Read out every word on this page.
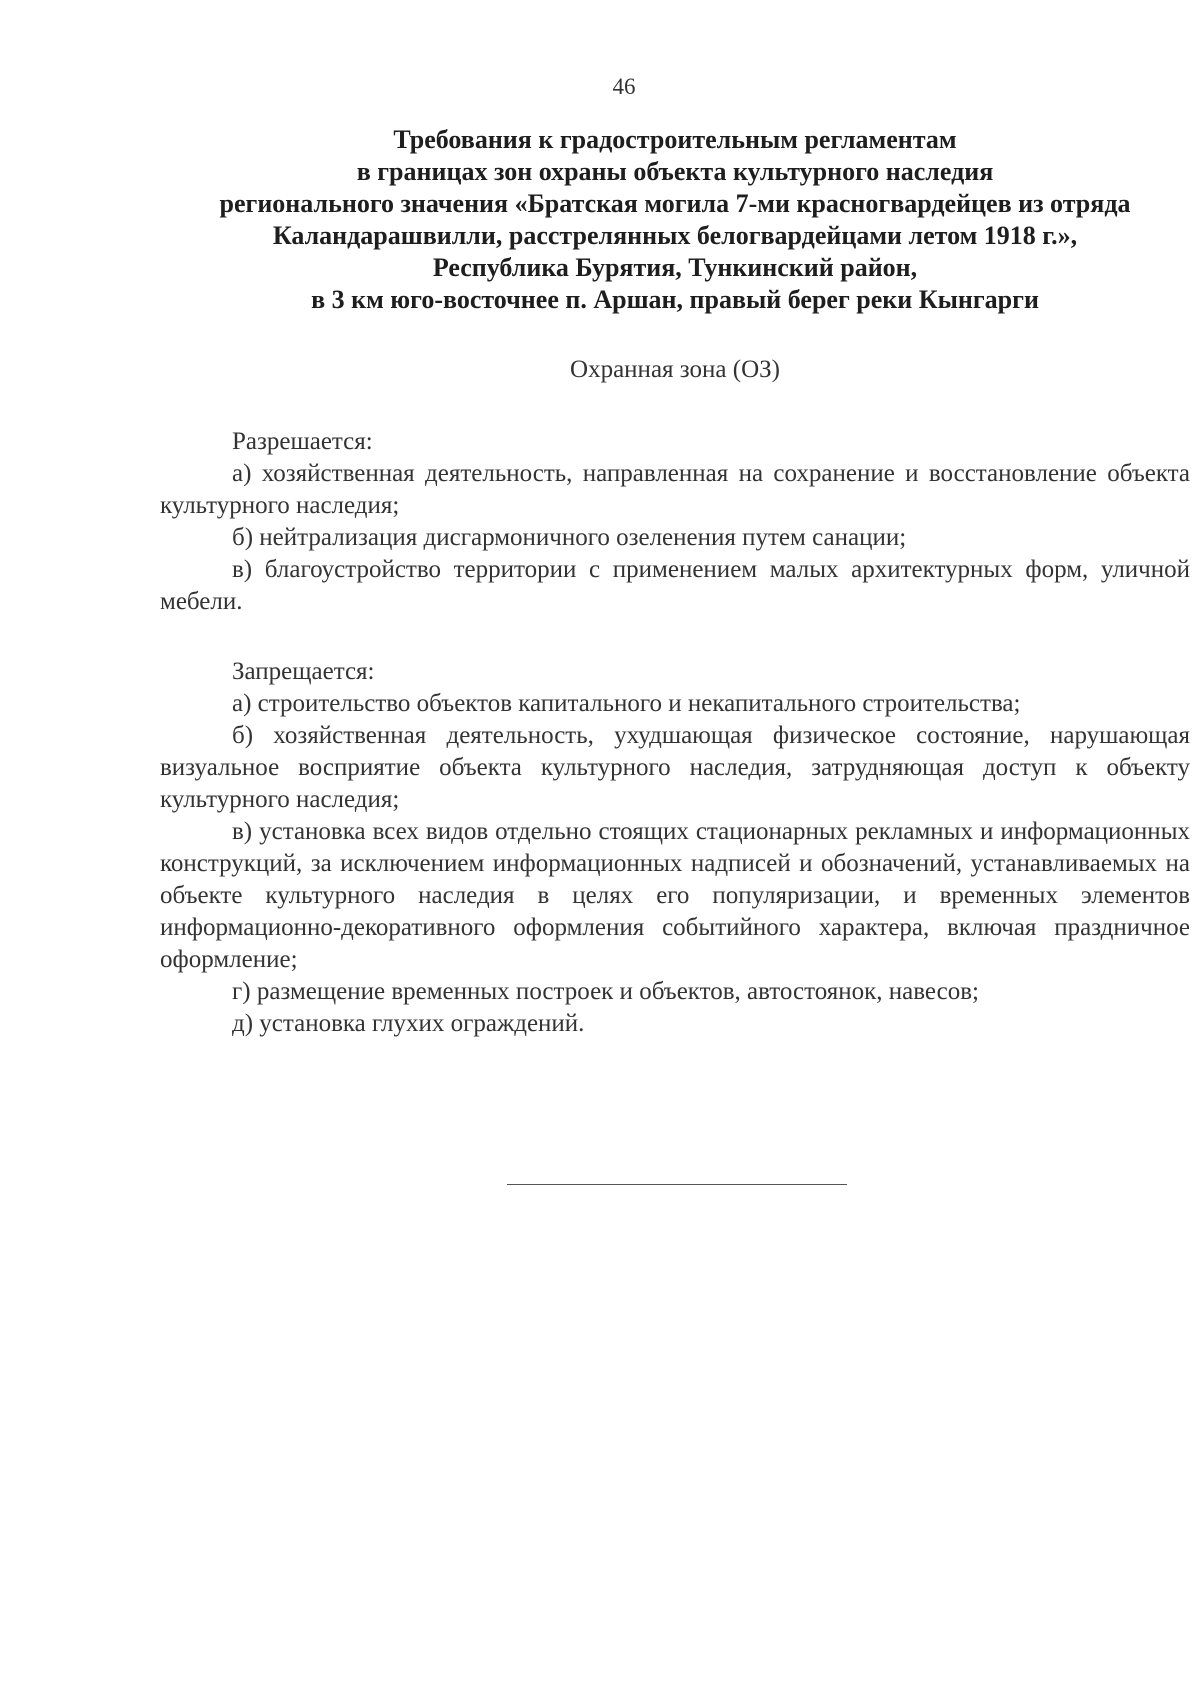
46
Требования к градостроительным регламентам
в границах зон охраны объекта культурного наследия
регионального значения «Братская могила 7-ми красногвардейцев из отряда
Каландарашвилли, расстрелянных белогвардейцами летом 1918 г.»,
Республика Бурятия, Тункинский район,
в 3 км юго-восточнее п. Аршан, правый берег реки Кынгарги
Охранная зона (ОЗ)
Разрешается:

а) хозяйственная деятельность, направленная на сохранение и восстановление объекта культурного наследия;

б) нейтрализация дисгармоничного озеленения путем санации;

в) благоустройство территории с применением малых архитектурных форм, уличной мебели.

Запрещается:

а) строительство объектов капитального и некапитального строительства;

б) хозяйственная деятельность, ухудшающая физическое состояние, нарушающая визуальное восприятие объекта культурного наследия, затрудняющая доступ к объекту культурного наследия;

в) установка всех видов отдельно стоящих стационарных рекламных и информационных конструкций, за исключением информационных надписей и обозначений, устанавливаемых на объекте культурного наследия в целях его популяризации, и временных элементов информационно-декоративного оформления событийного характера, включая праздничное оформление;

г) размещение временных построек и объектов, автостоянок, навесов;

д) установка глухих ограждений.
